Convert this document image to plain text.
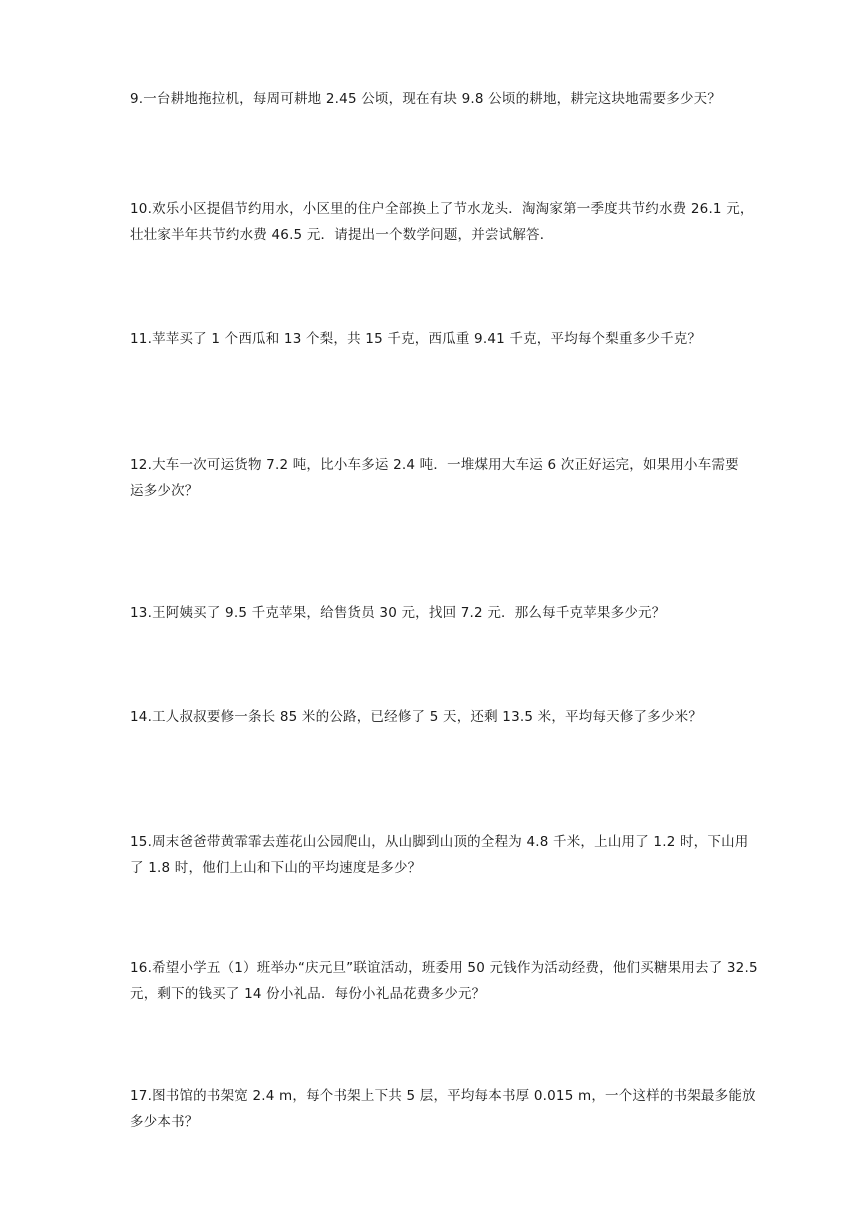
9.一台耕地拖拉机，每周可耕地 2.45 公顷，现在有块 9.8 公顷的耕地，耕完这块地需要多少天？
10.欢乐小区提倡节约用水，小区里的住户全部换上了节水龙头．淘淘家第一季度共节约水费 26.1 元，
壮壮家半年共节约水费 46.5 元．请提出一个数学问题，并尝试解答．
11.苹苹买了 1 个西瓜和 13 个梨，共 15 千克，西瓜重 9.41 千克，平均每个梨重多少千克？
12.大车一次可运货物 7.2 吨，比小车多运 2.4 吨．一堆煤用大车运 6 次正好运完，如果用小车需要
运多少次？
13.王阿姨买了 9.5 千克苹果，给售货员 30 元，找回 7.2 元．那么每千克苹果多少元？
14.工人叔叔要修一条长 85 米的公路，已经修了 5 天，还剩 13.5 米，平均每天修了多少米？
15.周末爸爸带黄霏霏去莲花山公园爬山，从山脚到山顶的全程为 4.8 千米，上山用了 1.2 时，下山用
了 1.8 时，他们上山和下山的平均速度是多少？
16.希望小学五（1）班举办“庆元旦”联谊活动，班委用 50 元钱作为活动经费，他们买糖果用去了 32.5
元，剩下的钱买了 14 份小礼品．每份小礼品花费多少元？
17.图书馆的书架宽 2.4 m，每个书架上下共 5 层，平均每本书厚 0.015 m，一个这样的书架最多能放
多少本书？
